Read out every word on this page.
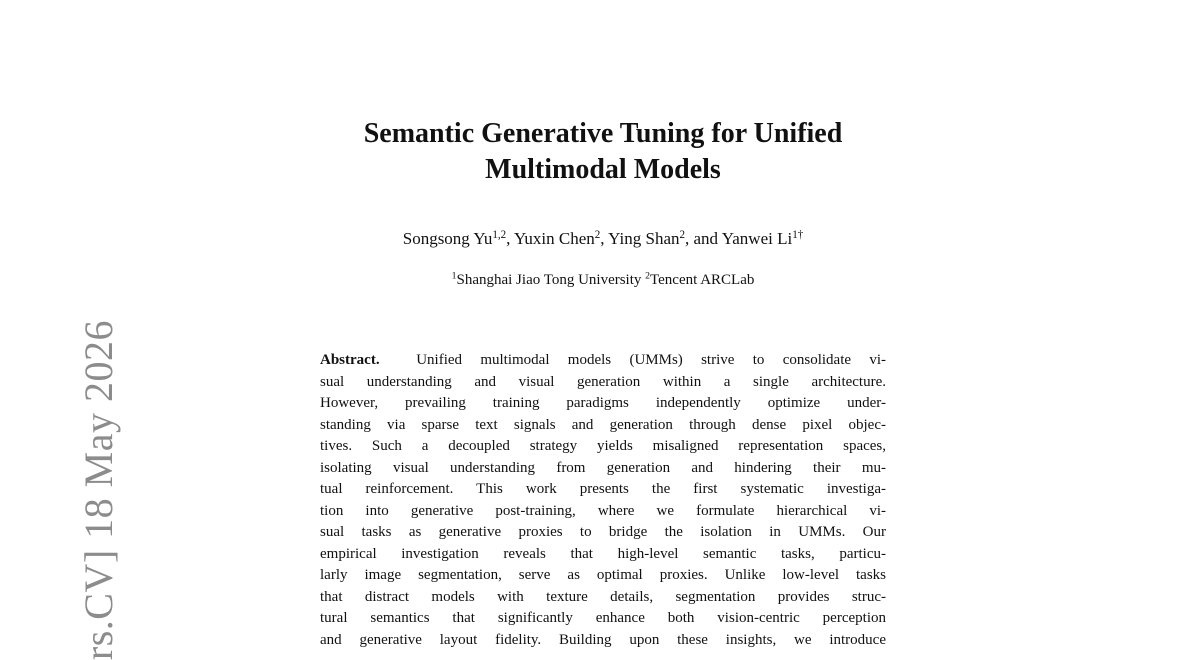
rs.CV] 18 May 2026
Semantic Generative Tuning for Unified
Multimodal Models
Songsong Yu$^{1,2}$, Yuxin Chen$^2$, Ying Shan$^2$, and Yanwei $Li^{1\dagger}$
$^1$Shanghai Jiao Tong University $^2$Tencent ARCLab
Abstract. Unified multimodal models (UMMs) strive to consolidate vi-
sual understanding and visual generation within a single architecture.
However, prevailing training paradigms independently optimize under-
standing via sparse text signals and generation through dense pixel objec-
tives. Such a decoupled strategy yields misaligned representation spaces,
isolating visual understanding from generation and hindering their mu-
tual reinforcement. This work presents the first systematic investiga-
tion into generative post-training, where we formulate hierarchical vi-
sual tasks as generative proxies to bridge the isolation in UMMs. Our
empirical investigation reveals that high-level semantic tasks, particu-
larly image segmentation, serve as optimal proxies. Unlike low-level tasks
that distract models with texture details, segmentation provides struc-
tural semantics that significantly enhance both vision-centric perception
and generative layout fidelity. Building upon these insights, we introduce
